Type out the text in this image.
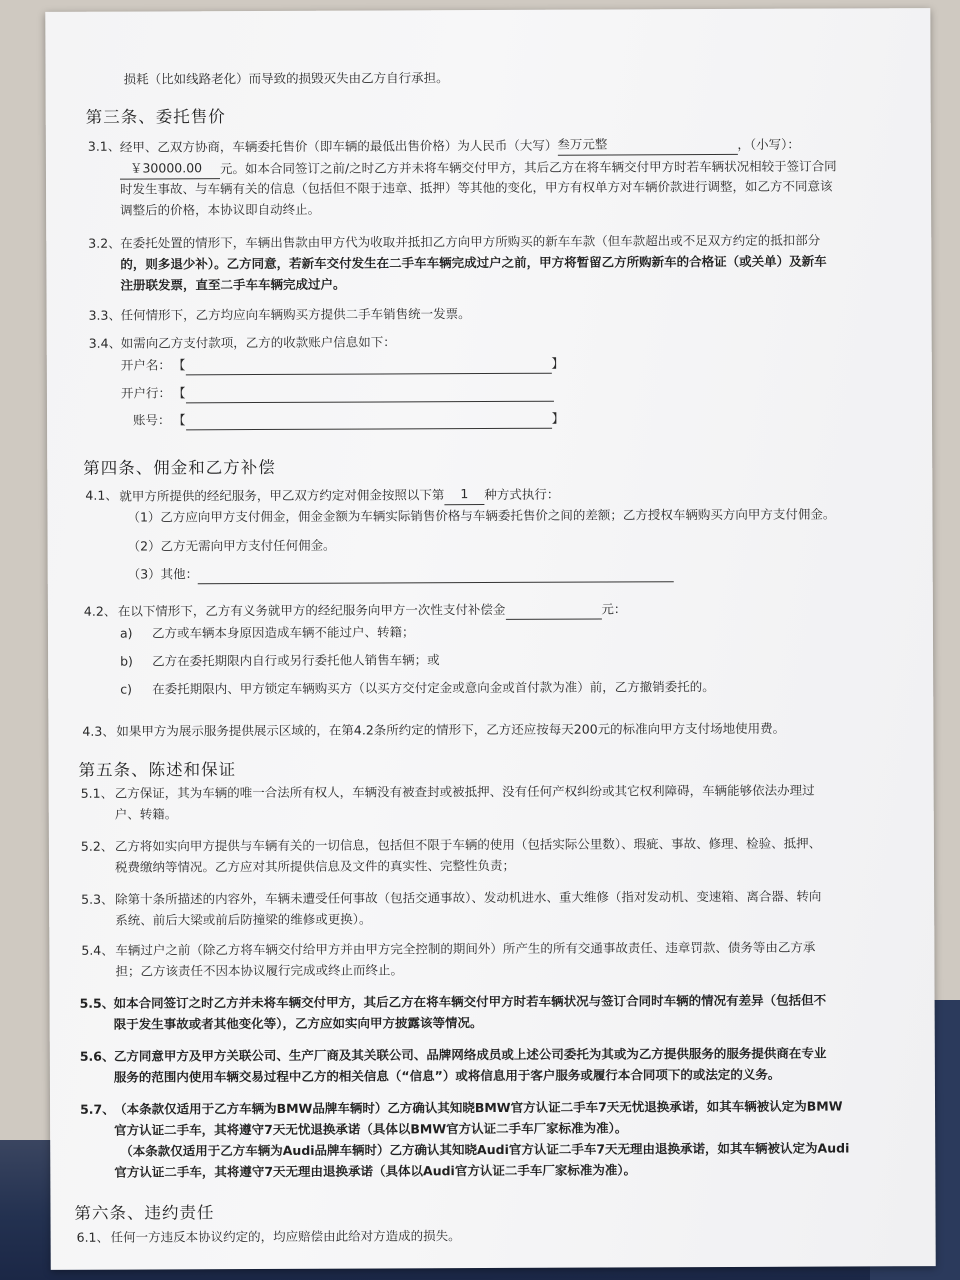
损耗（比如线路老化）而导致的损毁灭失由乙方自行承担。
第三条、委托售价
3.1、 经甲、乙双方协商，车辆委托售价（即车辆的最低出售价格）为人民币（大写）叁万元整	，（小写）：
￥30000.00 元。如本合同签订之前/之时乙方并未将车辆交付甲方，其后乙方在将车辆交付甲方时若车辆状况相较于签订合同
时发生事故、与车辆有关的信息（包括但不限于违章、抵押）等其他的变化，甲方有权单方对车辆价款进行调整，如乙方不同意该
调整后的价格，本协议即自动终止。
3.2、 在委托处置的情形下，车辆出售款由甲方代为收取并抵扣乙方向甲方所购买的新车车款（但车款超出或不足双方约定的抵扣部分
的，则多退少补）。乙方同意，若新车交付发生在二手车车辆完成过户之前，甲方将暂留乙方所购新车的合格证（或关单）及新车
注册联发票，直至二手车车辆完成过户。
3.3、 任何情形下，乙方均应向车辆购买方提供二手车销售统一发票。
3.4、 如需向乙方支付款项，乙方的收款账户信息如下：
开户名： 【	】
开户行： 【
账号： 【	】
第四条、佣金和乙方补偿
4.1、 就甲方所提供的经纪服务，甲乙双方约定对佣金按照以下第 1 种方式执行：
（1）乙方应向甲方支付佣金，佣金金额为车辆实际销售价格与车辆委托售价之间的差额；乙方授权车辆购买方向甲方支付佣金。
（2）乙方无需向甲方支付任何佣金。
（3）其他：
4.2、 在以下情形下，乙方有义务就甲方的经纪服务向甲方一次性支付补偿金	元：
a) 乙方或车辆本身原因造成车辆不能过户、转籍；
b) 乙方在委托期限内自行或另行委托他人销售车辆；或
c) 在委托期限内、甲方锁定车辆购买方（以买方交付定金或意向金或首付款为准）前，乙方撤销委托的。
4.3、 如果甲方为展示服务提供展示区域的，在第4.2条所约定的情形下，乙方还应按每天200元的标准向甲方支付场地使用费。
第五条、陈述和保证
5.1、 乙方保证，其为车辆的唯一合法所有权人，车辆没有被查封或被抵押、没有任何产权纠纷或其它权利障碍，车辆能够依法办理过
户、转籍。
5.2、 乙方将如实向甲方提供与车辆有关的一切信息，包括但不限于车辆的使用（包括实际公里数）、瑕疵、事故、修理、检验、抵押、
税费缴纳等情况。乙方应对其所提供信息及文件的真实性、完整性负责；
5.3、 除第十条所描述的内容外，车辆未遭受任何事故（包括交通事故）、发动机进水、重大维修（指对发动机、变速箱、离合器、转向
系统、前后大梁或前后防撞梁的维修或更换）。
5.4、 车辆过户之前（除乙方将车辆交付给甲方并由甲方完全控制的期间外）所产生的所有交通事故责任、违章罚款、债务等由乙方承
担；乙方该责任不因本协议履行完成或终止而终止。
5.5、 如本合同签订之时乙方并未将车辆交付甲方，其后乙方在将车辆交付甲方时若车辆状况与签订合同时车辆的情况有差异（包括但不
限于发生事故或者其他变化等），乙方应如实向甲方披露该等情况。
5.6、 乙方同意甲方及甲方关联公司、生产厂商及其关联公司、品牌网络成员或上述公司委托为其或为乙方提供服务的服务提供商在专业
服务的范围内使用车辆交易过程中乙方的相关信息（“信息”）或将信息用于客户服务或履行本合同项下的或法定的义务。
5.7、 （本条款仅适用于乙方车辆为BMW品牌车辆时）乙方确认其知晓BMW官方认证二手车7天无忧退换承诺，如其车辆被认定为BMW
官方认证二手车，其将遵守7天无忧退换承诺（具体以BMW官方认证二手车厂家标准为准）。
（本条款仅适用于乙方车辆为Audi品牌车辆时）乙方确认其知晓Audi官方认证二手车7天无理由退换承诺，如其车辆被认定为Audi
官方认证二手车，其将遵守7天无理由退换承诺（具体以Audi官方认证二手车厂家标准为准）。
第六条、违约责任
6.1、 任何一方违反本协议约定的，均应赔偿由此给对方造成的损失。
